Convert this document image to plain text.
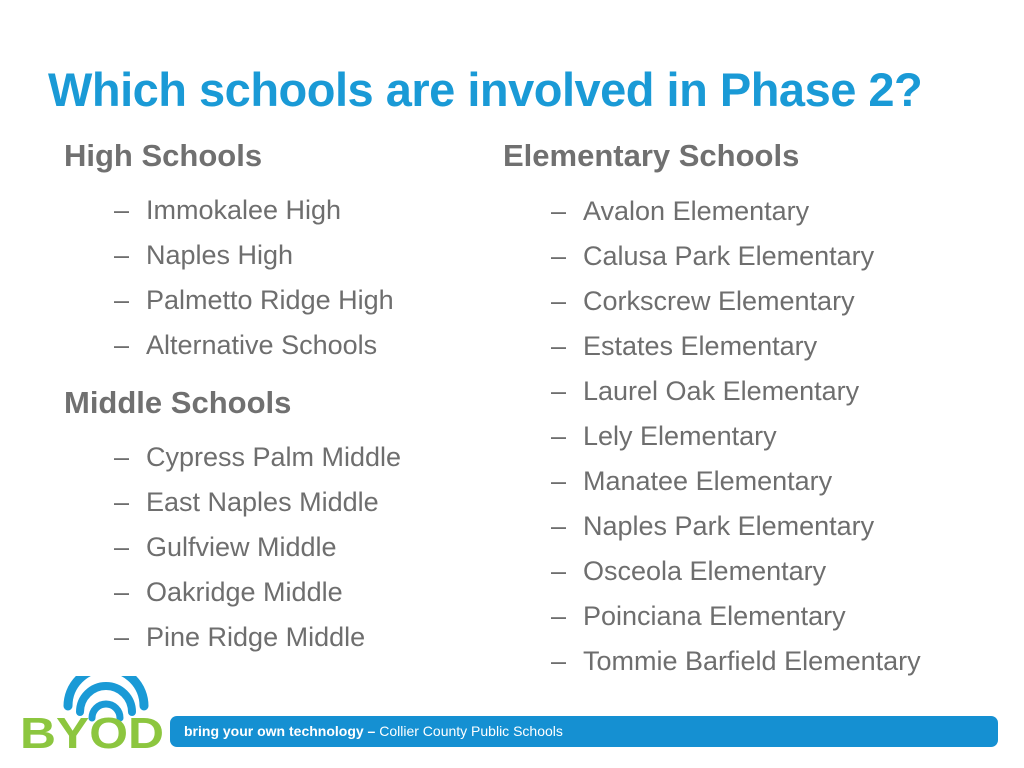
Which schools are involved in Phase 2?
High Schools
– Immokalee High
– Naples High
– Palmetto Ridge High
– Alternative Schools
Middle Schools
– Cypress Palm Middle
– East Naples Middle
– Gulfview Middle
– Oakridge Middle
– Pine Ridge Middle
Elementary Schools
– Avalon Elementary
– Calusa Park Elementary
– Corkscrew Elementary
– Estates Elementary
– Laurel Oak Elementary
– Lely Elementary
– Manatee Elementary
– Naples Park Elementary
– Osceola Elementary
– Poinciana Elementary
– Tommie Barfield Elementary
BYOD	bring your own technology – Collier County Public Schools
